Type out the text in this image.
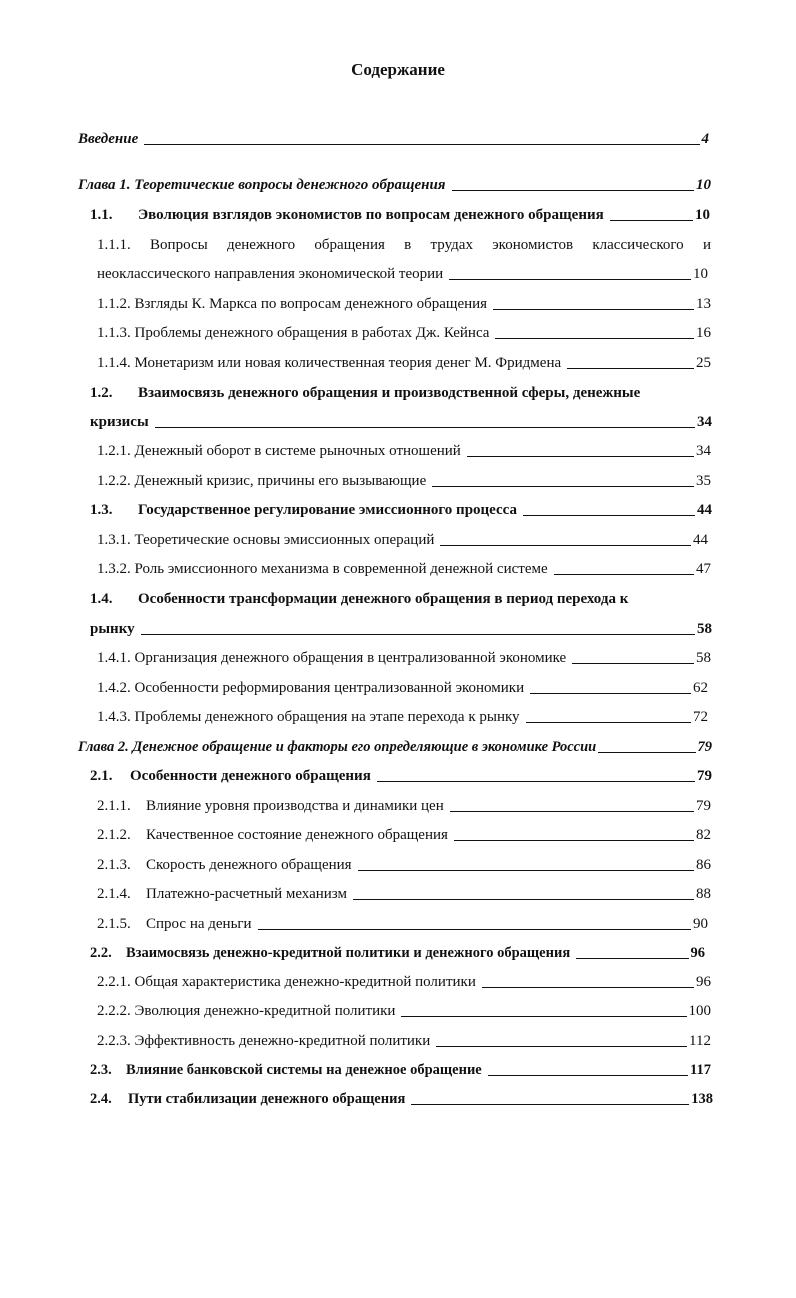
Содержание
Введение	4
Глава 1. Теоретические вопросы денежного обращения	10
1.1. Эволюция взглядов экономистов по вопросам денежного обращения	10
1.1.1. Вопросы денежного обращения в трудах экономистов классического и
неоклассического направления экономической теории	10
1.1.2. Взгляды К. Маркса по вопросам денежного обращения	13
1.1.3. Проблемы денежного обращения в работах Дж. Кейнса	16
1.1.4. Монетаризм или новая количественная теория денег М. Фридмена	25
1.2. Взаимосвязь денежного обращения и производственной сферы, денежные
кризисы	34
1.2.1. Денежный оборот в системе рыночных отношений	34
1.2.2. Денежный кризис, причины его вызывающие	35
1.3. Государственное регулирование эмиссионного процесса	44
1.3.1. Теоретические основы эмиссионных операций	44
1.3.2. Роль эмиссионного механизма в современной денежной системе	47
1.4. Особенности трансформации денежного обращения в период перехода к
рынку	58
1.4.1. Организация денежного обращения в централизованной экономике	58
1.4.2. Особенности реформирования централизованной экономики	62
1.4.3. Проблемы денежного обращения на этапе перехода к рынку	72
Глава 2. Денежное обращение и факторы его определяющие в экономике России	79
2.1. Особенности денежного обращения	79
2.1.1. Влияние уровня производства и динамики цен	79
2.1.2. Качественное состояние денежного обращения	82
2.1.3. Скорость денежного обращения	86
2.1.4. Платежно-расчетный механизм	88
2.1.5. Спрос на деньги	90
2.2. Взаимосвязь денежно-кредитной политики и денежного обращения	96
2.2.1. Общая характеристика денежно-кредитной политики	96
2.2.2. Эволюция денежно-кредитной политики	100
2.2.3. Эффективность денежно-кредитной политики	112
2.3. Влияние банковской системы на денежное обращение	117
2.4. Пути стабилизации денежного обращения	138
